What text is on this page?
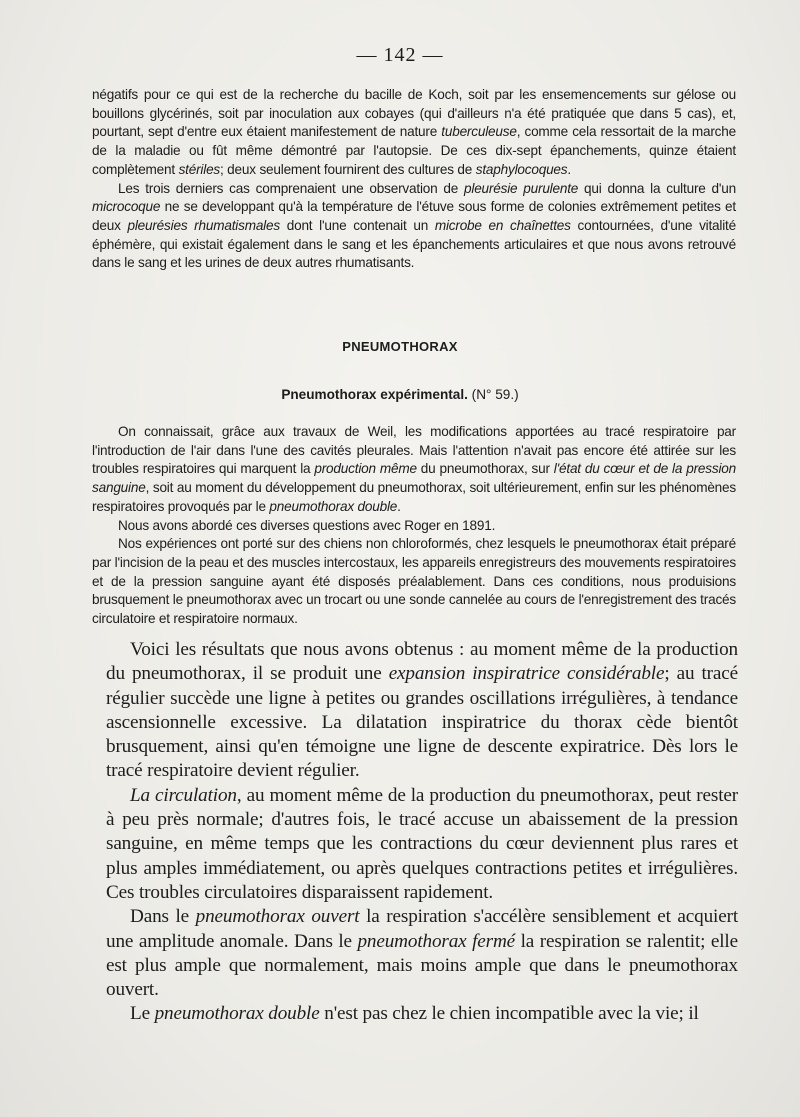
— 142 —

négatifs pour ce qui est de la recherche du bacille de Koch, soit par les ensemencements sur gélose ou bouillons glycérinés, soit par inoculation aux cobayes (qui d'ailleurs n'a été pratiquée que dans 5 cas), et, pourtant, sept d'entre eux étaient manifestement de nature tuberculeuse, comme cela ressortait de la marche de la maladie ou fût même démontré par l'autopsie. De ces dix-sept épanchements, quinze étaient complètement stériles; deux seulement fournirent des cultures de staphylocoques.

Les trois derniers cas comprenaient une observation de pleurésie purulente qui donna la culture d'un microcoque ne se developpant qu'à la température de l'étuve sous forme de colonies extrêmement petites et deux pleurésies rhumatismales dont l'une contenait un microbe en chaînettes contournées, d'une vitalité éphémère, qui existait également dans le sang et les épanchements articulaires et que nous avons retrouvé dans le sang et les urines de deux autres rhumatisants.

PNEUMOTHORAX
Pneumothorax expérimental. (N° 59.)

On connaissait, grâce aux travaux de Weil, les modifications apportées au tracé respiratoire par l'introduction de l'air dans l'une des cavités pleurales. Mais l'attention n'avait pas encore été attirée sur les troubles respiratoires qui marquent la production même du pneumothorax, sur l'état du cœur et de la pression sanguine, soit au moment du développement du pneumothorax, soit ultérieurement, enfin sur les phénomènes respiratoires provoqués par le pneumothorax double.

Nous avons abordé ces diverses questions avec Roger en 1891.

Nos expériences ont porté sur des chiens non chloroformés, chez lesquels le pneumothorax était préparé par l'incision de la peau et des muscles intercostaux, les appareils enregistreurs des mouvements respiratoires et de la pression sanguine ayant été disposés préalablement. Dans ces conditions, nous produisions brusquement le pneumothorax avec un trocart ou une sonde cannelée au cours de l'enregistrement des tracés circulatoire et respiratoire normaux.

Voici les résultats que nous avons obtenus : au moment même de la production du pneumothorax, il se produit une expansion inspiratrice considérable; au tracé régulier succède une ligne à petites ou grandes oscillations irrégulières, à tendance ascensionnelle excessive. La dilatation inspiratrice du thorax cède bientôt brusquement, ainsi qu'en témoigne une ligne de descente expiratrice. Dès lors le tracé respiratoire devient régulier.

La circulation, au moment même de la production du pneumothorax, peut rester à peu près normale; d'autres fois, le tracé accuse un abaissement de la pression sanguine, en même temps que les contractions du cœur deviennent plus rares et plus amples immédiatement, ou après quelques contractions petites et irrégulières. Ces troubles circulatoires disparaissent rapidement.

Dans le pneumothorax ouvert la respiration s'accélère sensiblement et acquiert une amplitude anomale. Dans le pneumothorax fermé la respiration se ralentit; elle est plus ample que normalement, mais moins ample que dans le pneumothorax ouvert.

Le pneumothorax double n'est pas chez le chien incompatible avec la vie; il
